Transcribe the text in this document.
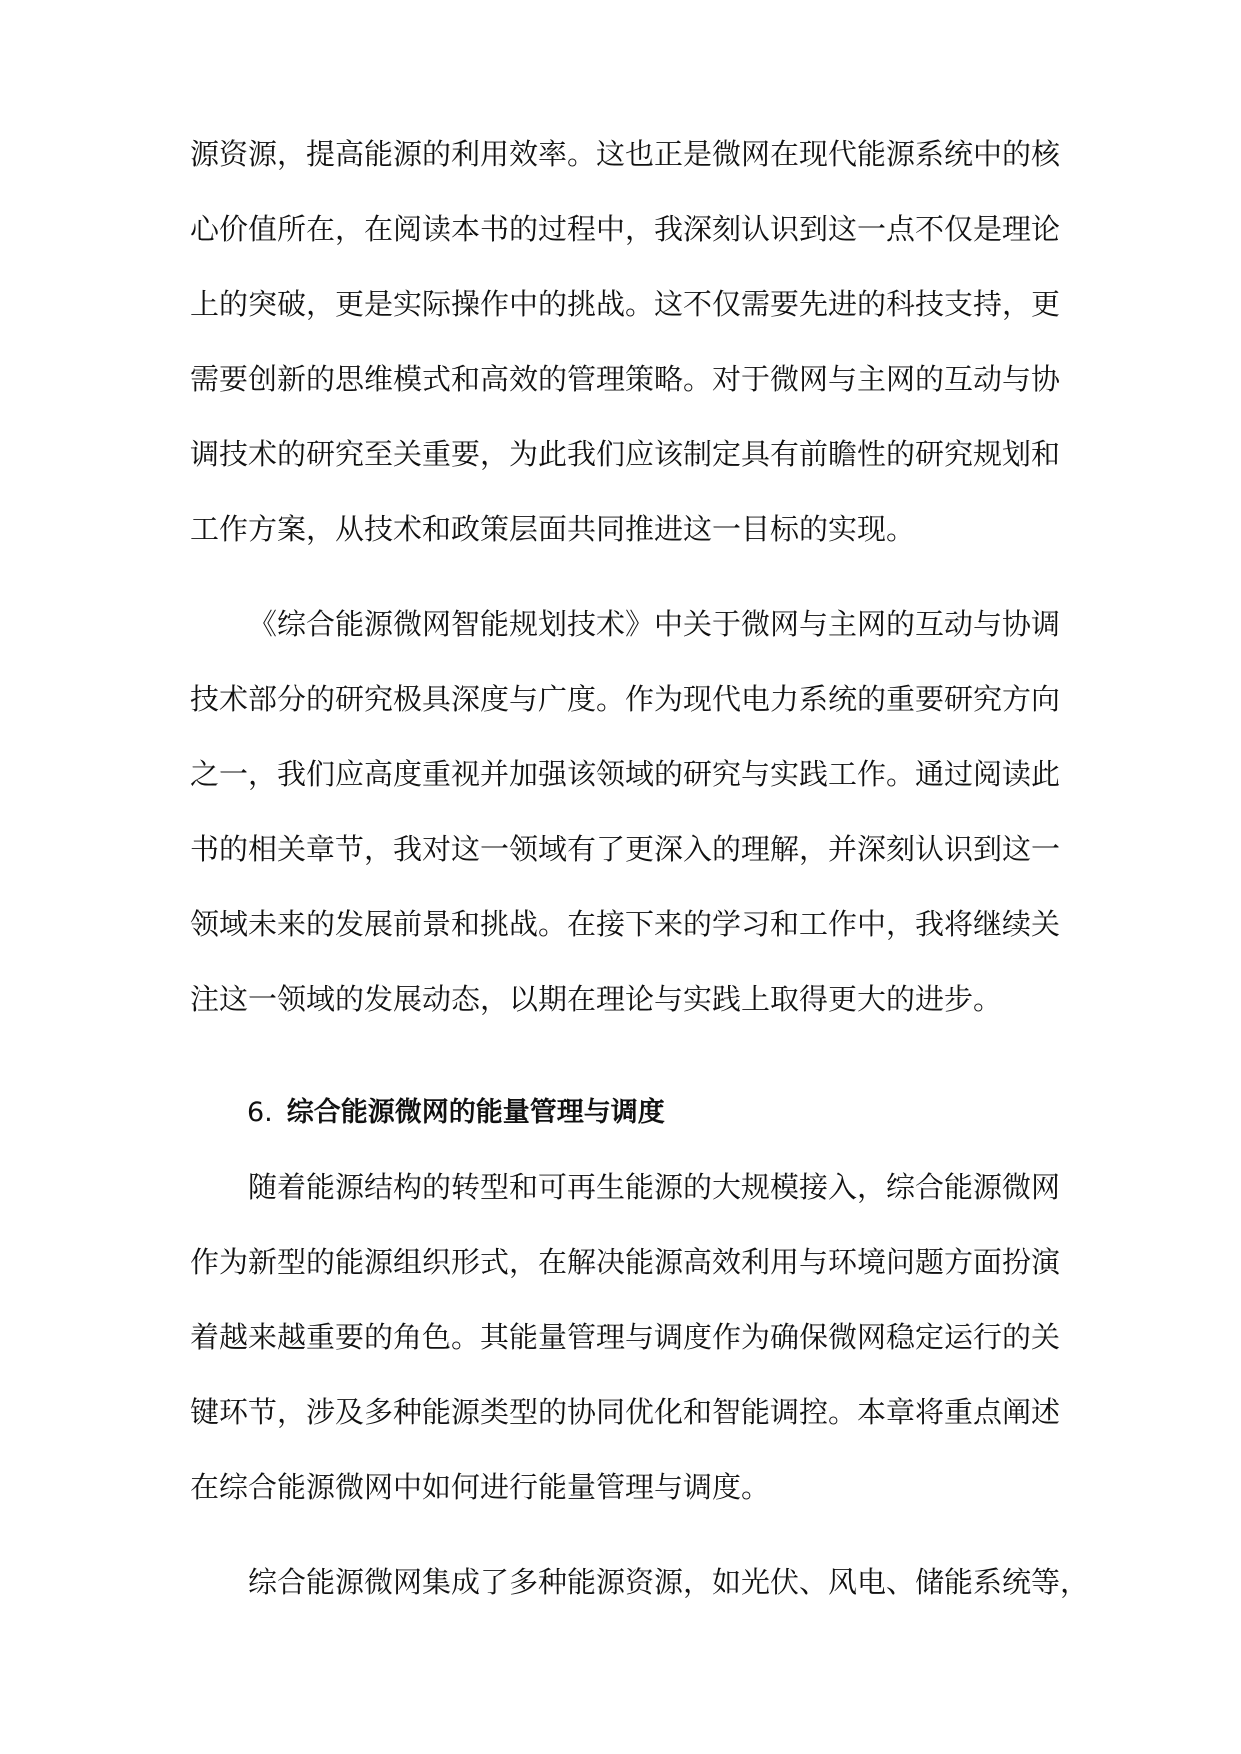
源资源，提高能源的利用效率。这也正是微网在现代能源系统中的核
心价值所在，在阅读本书的过程中，我深刻认识到这一点不仅是理论
上的突破，更是实际操作中的挑战。这不仅需要先进的科技支持，更
需要创新的思维模式和高效的管理策略。对于微网与主网的互动与协
调技术的研究至关重要，为此我们应该制定具有前瞻性的研究规划和
工作方案，从技术和政策层面共同推进这一目标的实现。
《综合能源微网智能规划技术》中关于微网与主网的互动与协调
技术部分的研究极具深度与广度。作为现代电力系统的重要研究方向
之一，我们应高度重视并加强该领域的研究与实践工作。通过阅读此
书的相关章节，我对这一领域有了更深入的理解，并深刻认识到这一
领域未来的发展前景和挑战。在接下来的学习和工作中，我将继续关
注这一领域的发展动态，以期在理论与实践上取得更大的进步。
6. 综合能源微网的能量管理与调度
随着能源结构的转型和可再生能源的大规模接入，综合能源微网
作为新型的能源组织形式，在解决能源高效利用与环境问题方面扮演
着越来越重要的角色。其能量管理与调度作为确保微网稳定运行的关
键环节，涉及多种能源类型的协同优化和智能调控。本章将重点阐述
在综合能源微网中如何进行能量管理与调度。
综合能源微网集成了多种能源资源，如光伏、风电、储能系统等，
